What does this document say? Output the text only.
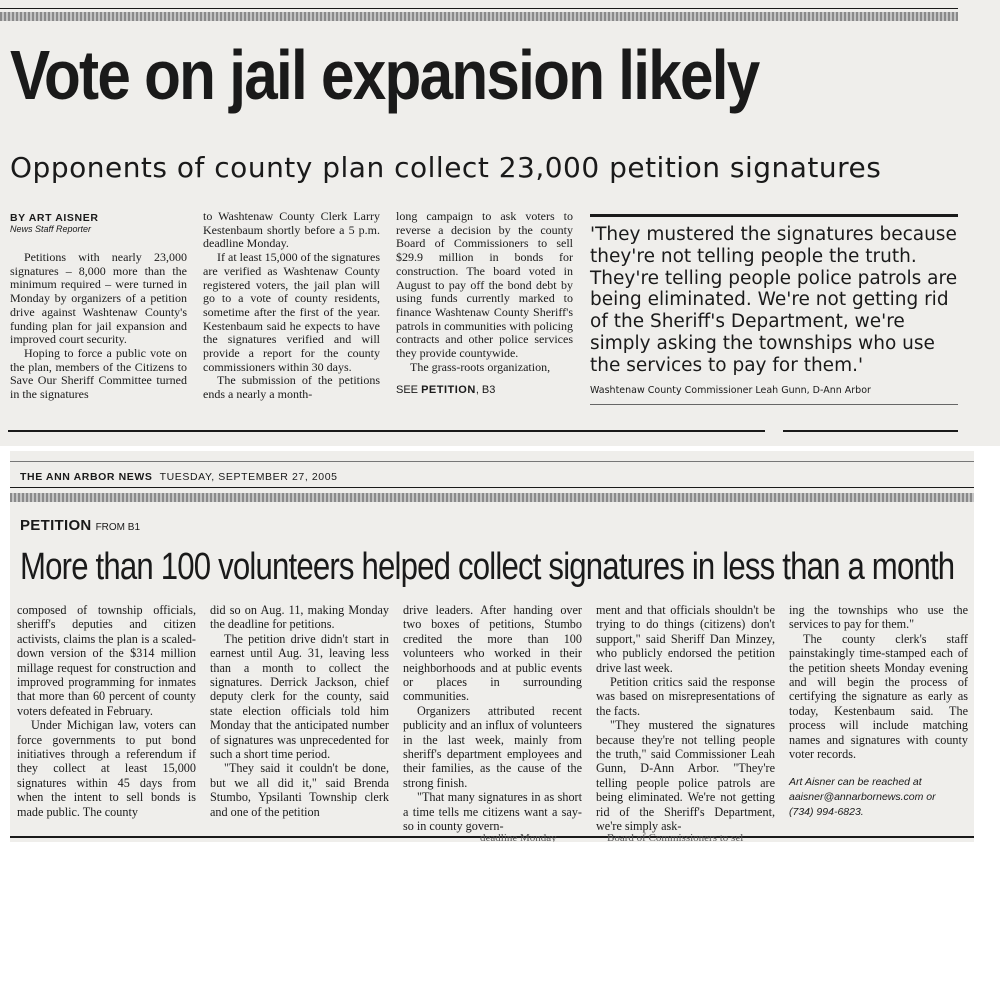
Vote on jail expansion likely
Opponents of county plan collect 23,000 petition signatures
BY ART AISNER
News Staff Reporter

Petitions with nearly 23,000 signatures – 8,000 more than the minimum required – were turned in Monday by organizers of a petition drive against Washtenaw County's funding plan for jail expansion and improved court security.

Hoping to force a public vote on the plan, members of the Citizens to Save Our Sheriff Committee turned in the signatures

to Washtenaw County Clerk Larry Kestenbaum shortly before a 5 p.m. deadline Monday.

If at least 15,000 of the signatures are verified as Washtenaw County registered voters, the jail plan will go to a vote of county residents, sometime after the first of the year. Kestenbaum said he expects to have the signatures verified and will provide a report for the county commissioners within 30 days.

The submission of the petitions ends a nearly a month-

long campaign to ask voters to reverse a decision by the county Board of Commissioners to sell $29.9 million in bonds for construction. The board voted in August to pay off the bond debt by using funds currently marked to finance Washtenaw County Sheriff's patrols in communities with policing contracts and other police services they provide countywide.

The grass-roots organization,

SEE PETITION, B3
'They mustered the signatures because they're not telling people the truth. They're telling people police patrols are being eliminated. We're not getting rid of the Sheriff's Department, we're simply asking the townships who use the services to pay for them.'
Washtenaw County Commissioner Leah Gunn, D-Ann Arbor
THE ANN ARBOR NEWS TUESDAY, SEPTEMBER 27, 2005
PETITION FROM B1
More than 100 volunteers helped collect signatures in less than a month

composed of township officials, sheriff's deputies and citizen activists, claims the plan is a scaled-down version of the $314 million millage request for construction and improved programming for inmates that more than 60 percent of county voters defeated in February.

Under Michigan law, voters can force governments to put bond initiatives through a referendum if they collect at least 15,000 signatures within 45 days from when the intent to sell bonds is made public. The county

did so on Aug. 11, making Monday the deadline for petitions.

The petition drive didn't start in earnest until Aug. 31, leaving less than a month to collect the signatures. Derrick Jackson, chief deputy clerk for the county, said state election officials told him Monday that the anticipated number of signatures was unprecedented for such a short time period.

"They said it couldn't be done, but we all did it," said Brenda Stumbo, Ypsilanti Township clerk and one of the petition

drive leaders. After handing over two boxes of petitions, Stumbo credited the more than 100 volunteers who worked in their neighborhoods and at public events or places in surrounding communities.

Organizers attributed recent publicity and an influx of volunteers in the last week, mainly from sheriff's department employees and their families, as the cause of the strong finish.

"That many signatures in as short a time tells me citizens want a say-so in county govern-

ment and that officials shouldn't be trying to do things (citizens) don't support," said Sheriff Dan Minzey, who publicly endorsed the petition drive last week.

Petition critics said the response was based on misrepresentations of the facts.

"They mustered the signatures because they're not telling people the truth," said Commissioner Leah Gunn, D-Ann Arbor. "They're telling people police patrols are being eliminated. We're not getting rid of the Sheriff's Department, we're simply ask-

ing the townships who use the services to pay for them."

The county clerk's staff painstakingly time-stamped each of the petition sheets Monday evening and will begin the process of certifying the signature as early as today, Kestenbaum said. The process will include matching names and signatures with county voter records.

Art Aisner can be reached at
aaisner@annarbornews.com or
(734) 994-6823.
deadline Monday	Board of Commissioners to sel
